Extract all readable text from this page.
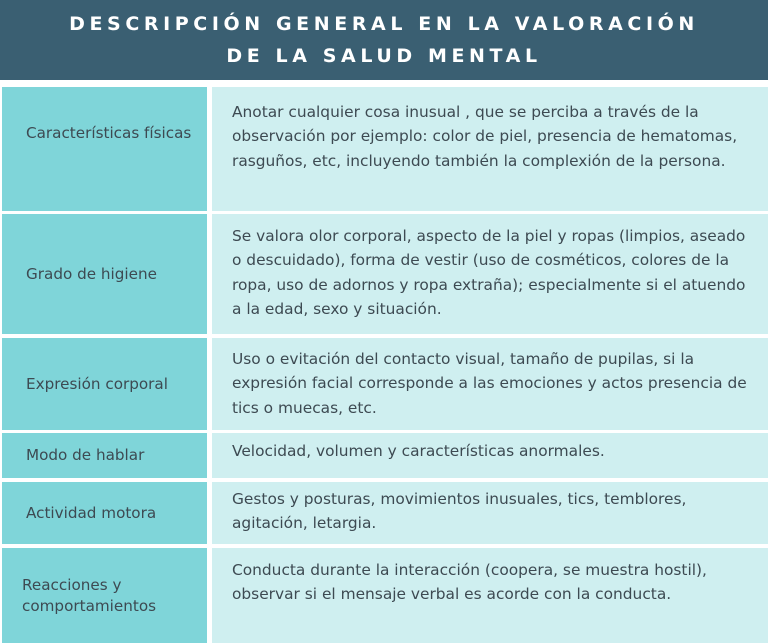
DESCRIPCIÓN GENERAL EN LA VALORACIÓN
DE LA SALUD MENTAL
Características físicas
Anotar cualquier cosa inusual , que se perciba a través de la observación por ejemplo: color de piel, presencia de hematomas, rasguños, etc, incluyendo también la complexión de la persona.
Grado de higiene
Se valora olor corporal, aspecto de la piel y ropas (limpios, aseado o descuidado), forma de vestir (uso de cosméticos, colores de la ropa, uso de adornos y ropa extraña); especialmente si el atuendo a la edad, sexo y situación.
Expresión corporal
Uso o evitación del contacto visual, tamaño de pupilas, si la expresión facial corresponde a las emociones y actos presencia de tics o muecas, etc.
Modo de hablar	Velocidad, volumen y características anormales.
Actividad motora
Gestos y posturas, movimientos inusuales, tics, temblores, agitación, letargia.
Reacciones y comportamientos
Conducta durante la interacción (coopera, se muestra hostil), observar si el mensaje verbal es acorde con la conducta.
